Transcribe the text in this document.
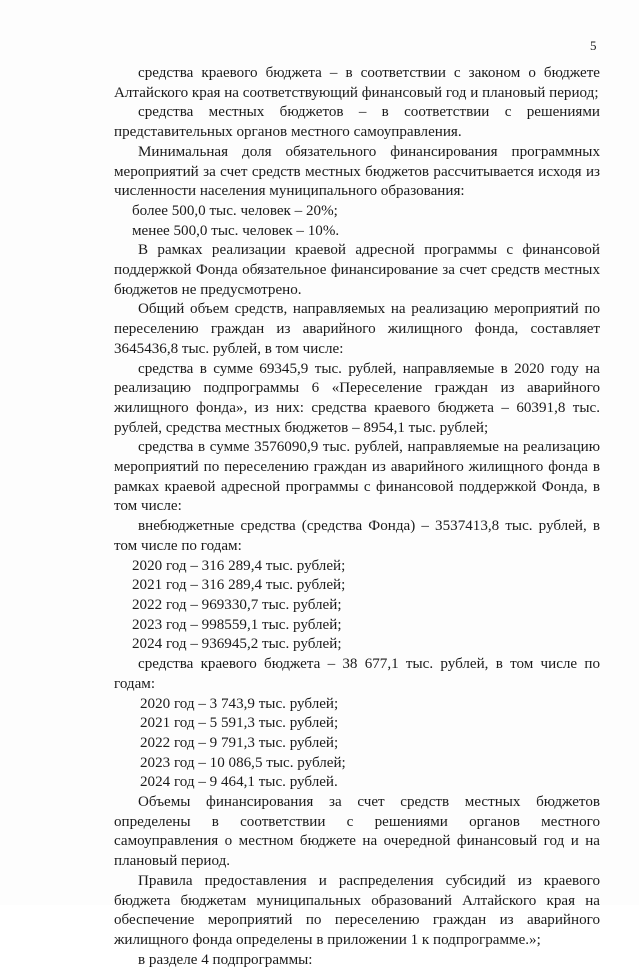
5

средства краевого бюджета – в соответствии с законом о бюджете Алтайского края на соответствующий финансовый год и плановый период;

средства местных бюджетов – в соответствии с решениями представительных органов местного самоуправления.

Минимальная доля обязательного финансирования программных мероприятий за счет средств местных бюджетов рассчитывается исходя из численности населения муниципального образования:

более 500,0 тыс. человек – 20%;

менее 500,0 тыс. человек – 10%.

В рамках реализации краевой адресной программы с финансовой поддержкой Фонда обязательное финансирование за счет средств местных бюджетов не предусмотрено.

Общий объем средств, направляемых на реализацию мероприятий по переселению граждан из аварийного жилищного фонда, составляет 3645436,8 тыс. рублей, в том числе:

средства в сумме 69345,9 тыс. рублей, направляемые в 2020 году на реализацию подпрограммы 6 «Переселение граждан из аварийного жилищного фонда», из них: средства краевого бюджета – 60391,8 тыс. рублей, средства местных бюджетов – 8954,1 тыс. рублей;

средства в сумме 3576090,9 тыс. рублей, направляемые на реализацию мероприятий по переселению граждан из аварийного жилищного фонда в рамках краевой адресной программы с финансовой поддержкой Фонда, в том числе:

внебюджетные средства (средства Фонда) – 3537413,8 тыс. рублей, в том числе по годам:

2020 год – 316 289,4 тыс. рублей;

2021 год – 316 289,4 тыс. рублей;

2022 год – 969330,7 тыс. рублей;

2023 год – 998559,1 тыс. рублей;

2024 год – 936945,2 тыс. рублей;

средства краевого бюджета – 38 677,1 тыс. рублей, в том числе по годам:

2020 год – 3 743,9 тыс. рублей;

2021 год – 5 591,3 тыс. рублей;

2022 год – 9 791,3 тыс. рублей;

2023 год – 10 086,5 тыс. рублей;

2024 год – 9 464,1 тыс. рублей.

Объемы финансирования за счет средств местных бюджетов определены в соответствии с решениями органов местного самоуправления о местном бюджете на очередной финансовый год и на плановый период.

Правила предоставления и распределения субсидий из краевого бюджета бюджетам муниципальных образований Алтайского края на обеспечение мероприятий по переселению граждан из аварийного жилищного фонда определены в приложении 1 к подпрограмме.»;

в разделе 4 подпрограммы:
